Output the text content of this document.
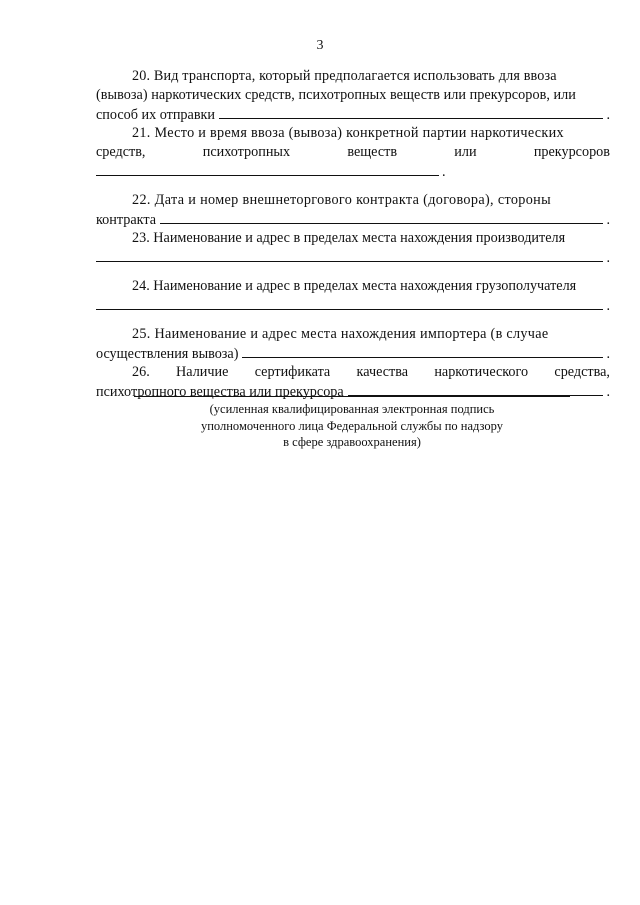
3
20. Вид транспорта, который предполагается использовать для ввоза
(вывоза) наркотических средств, психотропных веществ или прекурсоров, или
способ их отправки	.
21. Место и время ввоза (вывоза) конкретной партии наркотических
средств,	психотропных	веществ	или	прекурсоров
.
22. Дата и номер внешнеторгового контракта (договора), стороны
контракта	.
23. Наименование и адрес в пределах места нахождения производителя
.
24. Наименование и адрес в пределах места нахождения грузополучателя
.
25. Наименование и адрес места нахождения импортера (в случае
осуществления вывоза)	.
26. Наличие сертификата качества наркотического средства,
психотропного вещества или прекурсора	.
(усиленная квалифицированная электронная подпись
уполномоченного лица Федеральной службы по надзору
в сфере здравоохранения)
